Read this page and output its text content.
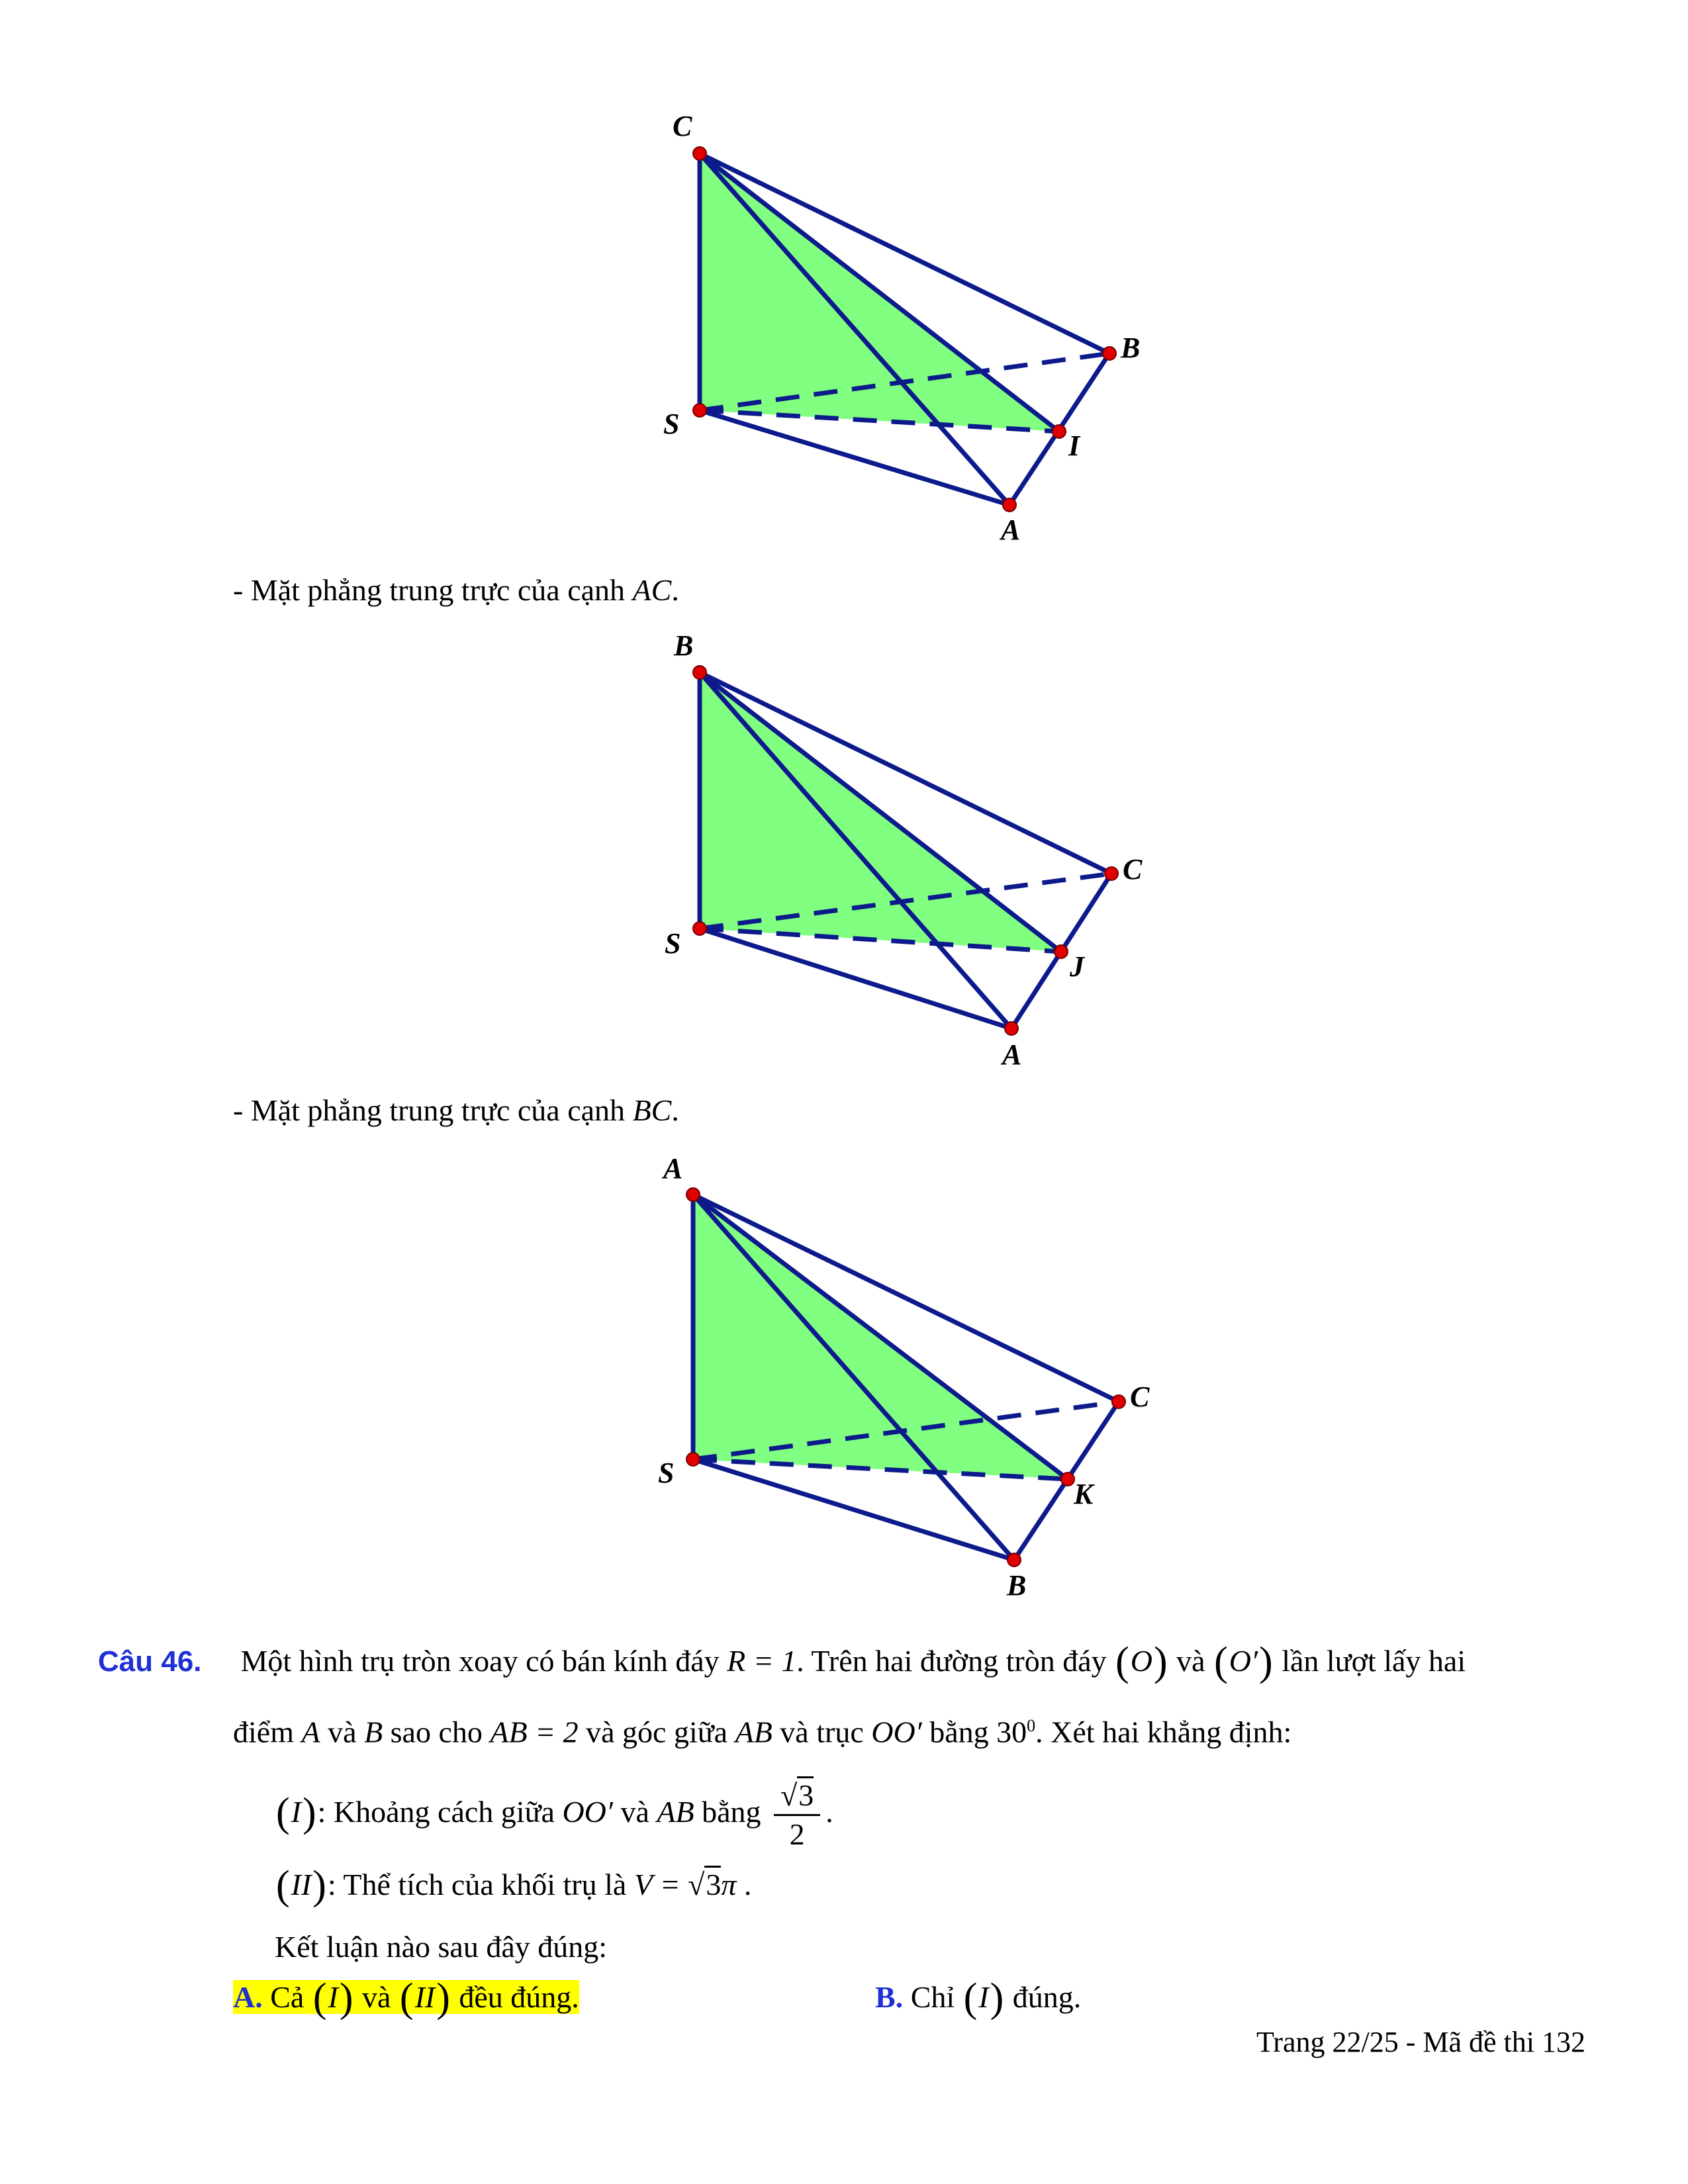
C
S
B
I
A
- Mặt phẳng trung trực của cạnh AC.
B
S
C
J
A
- Mặt phẳng trung trực của cạnh BC.
A
S
C
K
B
Câu 46. Một hình trụ tròn xoay có bán kính đáy R = 1. Trên hai đường tròn đáy (O) và (O′) lần lượt lấy hai
điểm A và B sao cho AB = 2 và góc giữa AB và trục OO′ bằng $30^0$. Xét hai khẳng định:
(I): Khoảng cách giữa OO′ và AB bằng $\frac{√3}{2}$ .
(II): Thể tích của khối trụ là V = √3π .
Kết luận nào sau đây đúng:
A. Cả (I) và (II) đều đúng.	B. Chỉ (I) đúng.
Trang 22/25 - Mã đề thi 132
